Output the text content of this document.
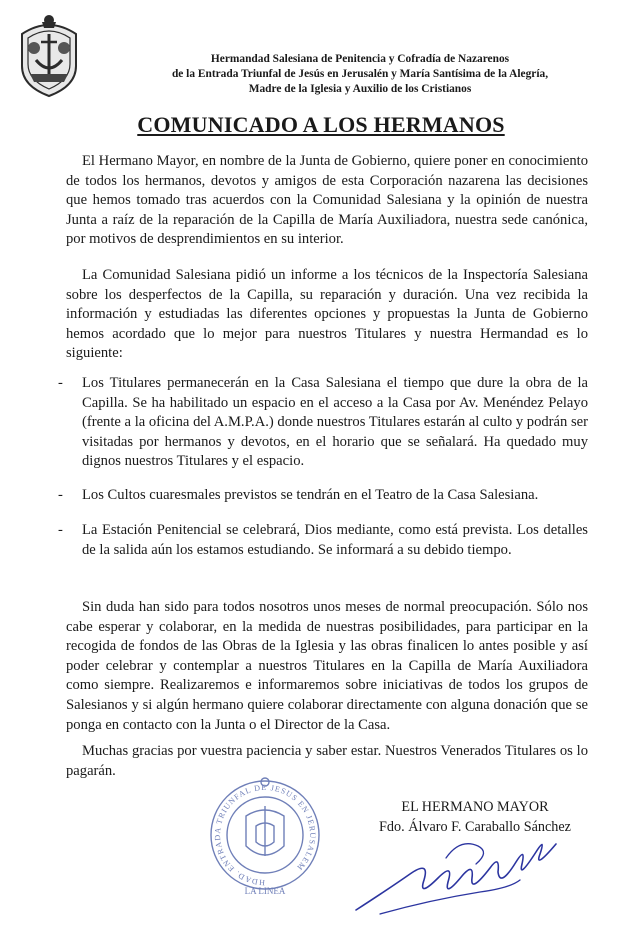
Hermandad Salesiana de Penitencia y Cofradía de Nazarenos
de la Entrada Triunfal de Jesús en Jerusalén y María Santísima de la Alegría,
Madre de la Iglesia y Auxilio de los Cristianos
COMUNICADO A LOS HERMANOS
El Hermano Mayor, en nombre de la Junta de Gobierno, quiere poner en conocimiento de todos los hermanos, devotos y amigos de esta Corporación nazarena las decisiones que hemos tomado tras acuerdos con la Comunidad Salesiana y la opinión de nuestra Junta a raíz de la reparación de la Capilla de María Auxiliadora, nuestra sede canónica, por motivos de desprendimientos en su interior.
La Comunidad Salesiana pidió un informe a los técnicos de la Inspectoría Salesiana sobre los desperfectos de la Capilla, su reparación y duración. Una vez recibida la información y estudiadas las diferentes opciones y propuestas la Junta de Gobierno hemos acordado que lo mejor para nuestros Titulares y nuestra Hermandad es lo siguiente:
- Los Titulares permanecerán en la Casa Salesiana el tiempo que dure la obra de la Capilla. Se ha habilitado un espacio en el acceso a la Casa por Av. Menéndez Pelayo (frente a la oficina del A.M.P.A.) donde nuestros Titulares estarán al culto y podrán ser visitadas por hermanos y devotos, en el horario que se señalará. Ha quedado muy dignos nuestros Titulares y el espacio.
- Los Cultos cuaresmales previstos se tendrán en el Teatro de la Casa Salesiana.
- La Estación Penitencial se celebrará, Dios mediante, como está prevista. Los detalles de la salida aún los estamos estudiando. Se informará a su debido tiempo.
Sin duda han sido para todos nosotros unos meses de normal preocupación. Sólo nos cabe esperar y colaborar, en la medida de nuestras posibilidades, para participar en la recogida de fondos de las Obras de la Iglesia y las obras finalicen lo antes posible y así poder celebrar y contemplar a nuestros Titulares en la Capilla de María Auxiliadora como siempre. Realizaremos e informaremos sobre iniciativas de todos los grupos de Salesianos y si algún hermano quiere colaborar directamente con alguna donación que se ponga en contacto con la Junta o el Director de la Casa.
Muchas gracias por vuestra paciencia y saber estar. Nuestros Venerados Titulares os lo pagarán.
HDAD. ENTRADA TRIUNFAL DE JESUS EN JERUSALEM
LA LINEA
EL HERMANO MAYOR
Fdo. Álvaro F. Caraballo Sánchez
